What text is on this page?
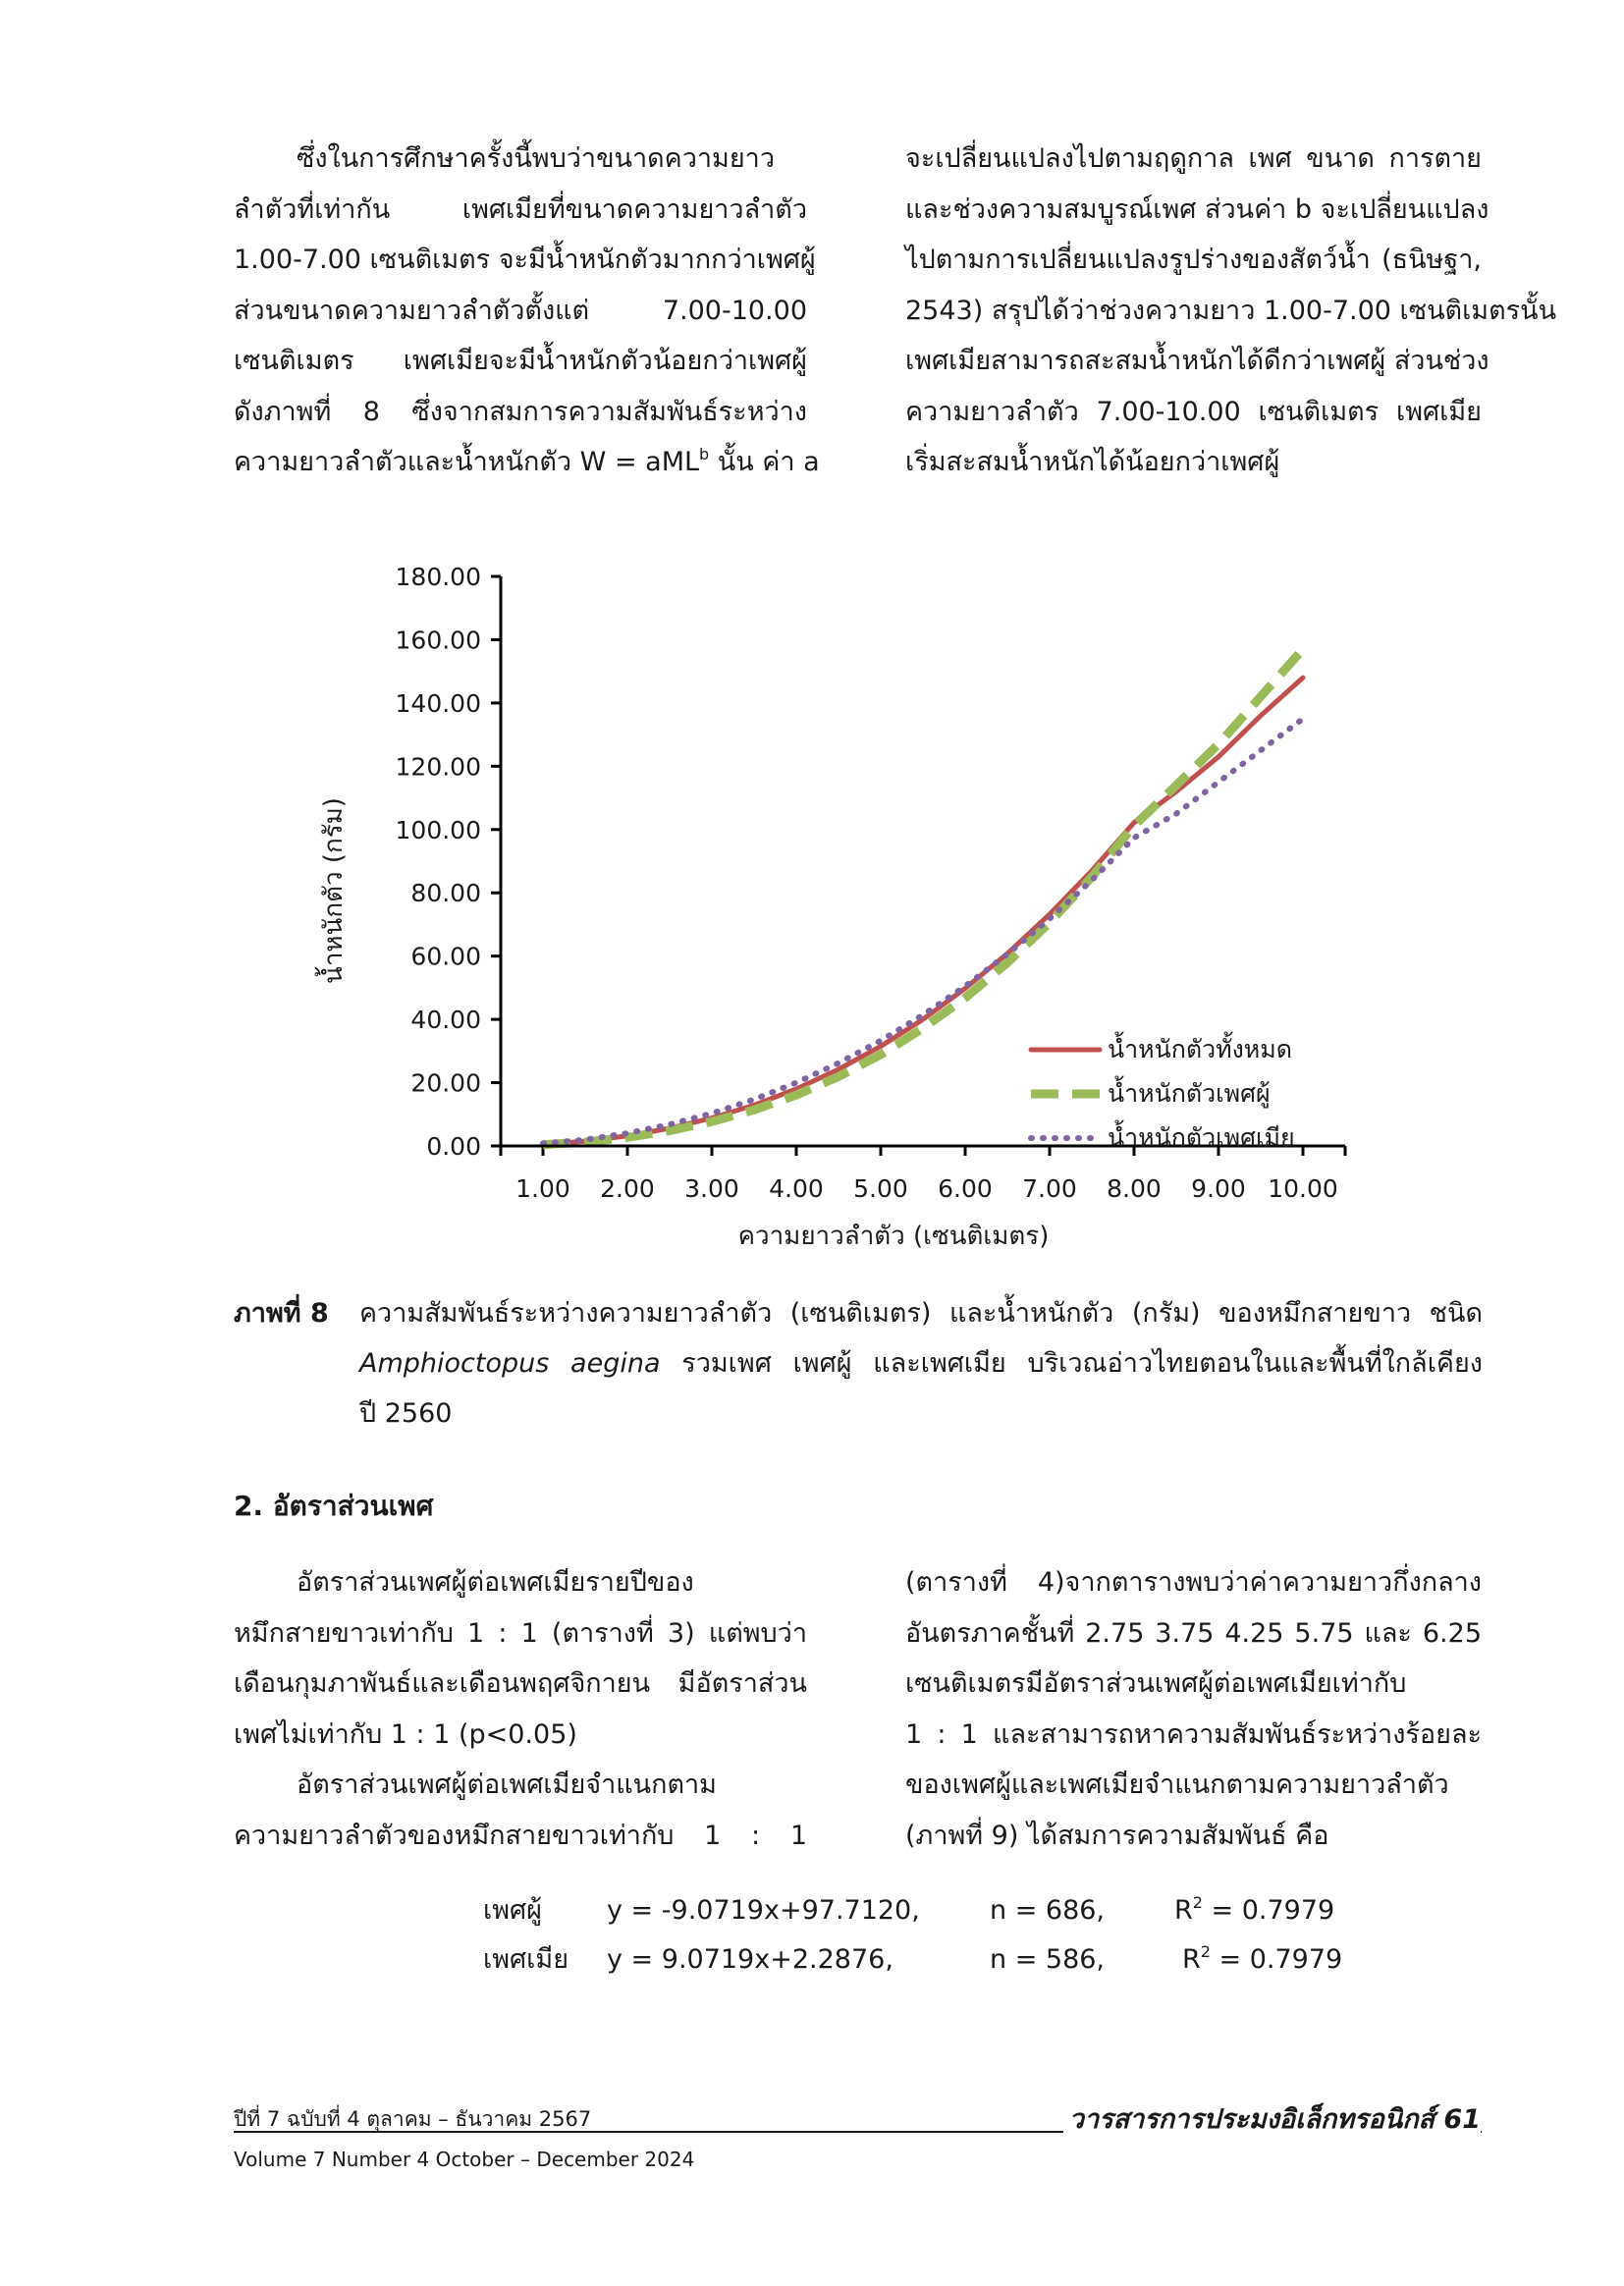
ซึ่งในการศึกษาครั้งนี้พบว่าขนาดความยาว
ลำตัวที่เท่ากัน เพศเมียที่ขนาดความยาวลำตัว
1.00-7.00 เซนติเมตร จะมีน้ำหนักตัวมากกว่าเพศผู้
ส่วนขนาดความยาวลำตัวตั้งแต่ 7.00-10.00
เซนติเมตร เพศเมียจะมีน้ำหนักตัวน้อยกว่าเพศผู้
ดังภาพที่ 8 ซึ่งจากสมการความสัมพันธ์ระหว่าง
ความยาวลำตัวและน้ำหนักตัว W = aML$^b$ นั้น ค่า a
จะเปลี่ยนแปลงไปตามฤดูกาล เพศ ขนาด การตาย
และช่วงความสมบูรณ์เพศ ส่วนค่า b จะเปลี่ยนแปลง
ไปตามการเปลี่ยนแปลงรูปร่างของสัตว์น้ำ (ธนิษฐา,
2543) สรุปได้ว่าช่วงความยาว 1.00-7.00 เซนติเมตรนั้น
เพศเมียสามารถสะสมน้ำหนักได้ดีกว่าเพศผู้ ส่วนช่วง
ความยาวลำตัว 7.00-10.00 เซนติเมตร เพศเมีย
เริ่มสะสมน้ำหนักได้น้อยกว่าเพศผู้
0.00
20.00
40.00
60.00
80.00
100.00
120.00
140.00
160.00
180.00
1.00 2.00 3.00 4.00 5.00 6.00 7.00 8.00 9.00 10.00
ความยาวลำตัว (เซนติเมตร)
น้ำหนักตัว (กรัม)
น้ำหนักตัวทั้งหมด
น้ำหนักตัวเพศผู้
น้ำหนักตัวเพศเมีย
ภาพที่ 8 ความสัมพันธ์ระหว่างความยาวลำตัว (เซนติเมตร) และน้ำหนักตัว (กรัม) ของหมึกสายขาว ชนิด
Amphioctopus aegina รวมเพศ เพศผู้ และเพศเมีย บริเวณอ่าวไทยตอนในและพื้นที่ใกล้เคียง
ปี 2560
2. อัตราส่วนเพศ
อัตราส่วนเพศผู้ต่อเพศเมียรายปีของ
หมึกสายขาวเท่ากับ 1 : 1 (ตารางที่ 3) แต่พบว่า
เดือนกุมภาพันธ์และเดือนพฤศจิกายน มีอัตราส่วน
เพศไม่เท่ากับ 1 : 1 (p<0.05)
อัตราส่วนเพศผู้ต่อเพศเมียจำแนกตาม
ความยาวลำตัวของหมึกสายขาวเท่ากับ 1 : 1
(ตารางที่ 4)จากตารางพบว่าค่าความยาวกึ่งกลาง
อันตรภาคชั้นที่ 2.75 3.75 4.25 5.75 และ 6.25
เซนติเมตรมีอัตราส่วนเพศผู้ต่อเพศเมียเท่ากับ
1 : 1 และสามารถหาความสัมพันธ์ระหว่างร้อยละ
ของเพศผู้และเพศเมียจำแนกตามความยาวลำตัว
(ภาพที่ 9) ได้สมการความสัมพันธ์ คือ
เพศผู้ y = -9.0719x+97.7120,	n = 686,	$R^2 = 0.7979$
เพศเมีย y = 9.0719x+2.2876,	n = 586,	$R^2 = 0.7979$
ปีที่ 7 ฉบับที่ 4 ตุลาคม – ธันวาคม 2567	วารสารการประมงอิเล็กทรอนิกส์ 61
Volume 7 Number 4 October – December 2024
